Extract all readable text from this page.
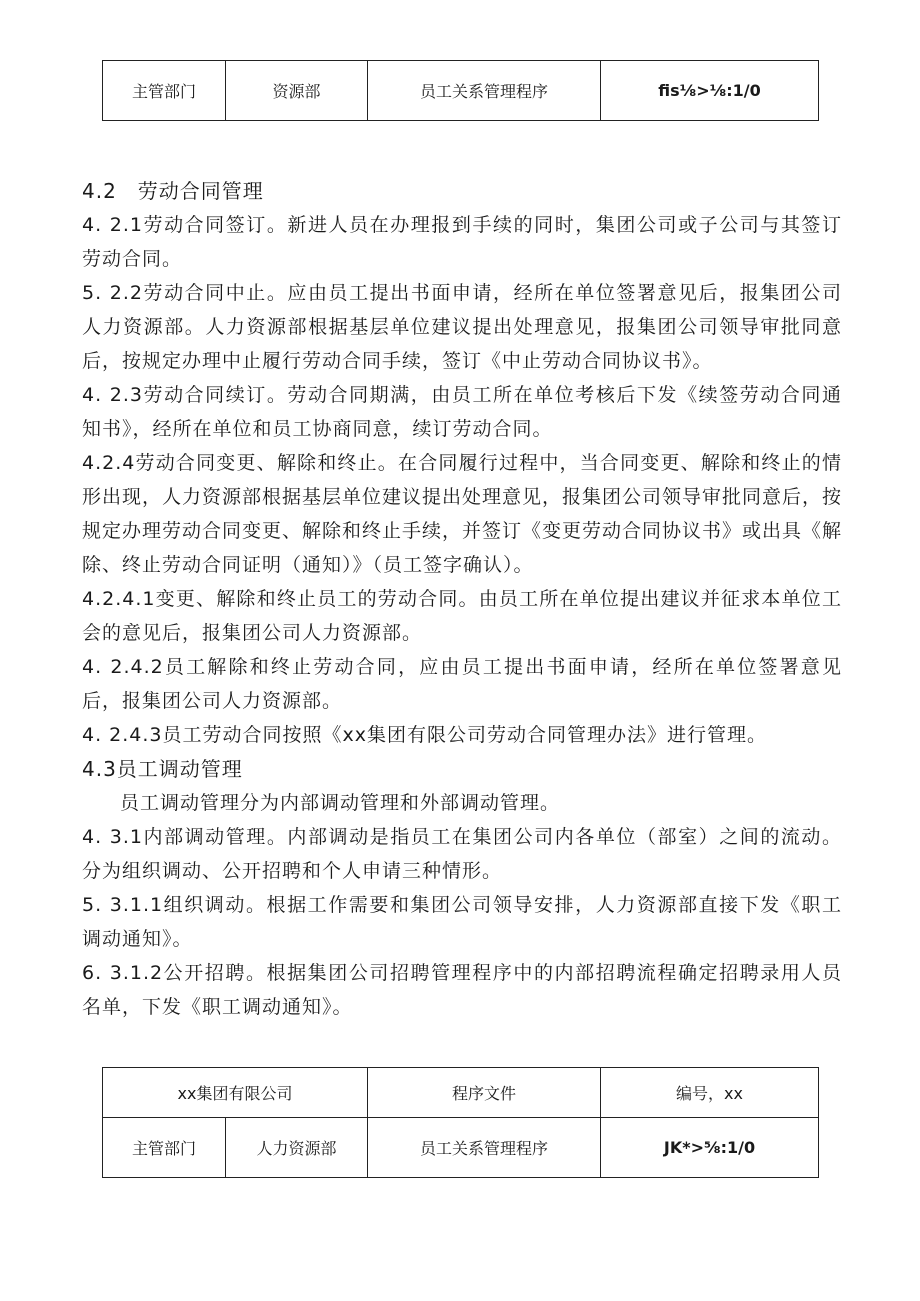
主管部门	资源部	员工关系管理程序	fis⅛>⅛:1/0

4.2　劳动合同管理

4. 2.1劳动合同签订。新进人员在办理报到手续的同时，集团公司或子公司与其签订劳动合同。

5. 2.2劳动合同中止。应由员工提出书面申请，经所在单位签署意见后，报集团公司人力资源部。人力资源部根据基层单位建议提出处理意见，报集团公司领导审批同意后，按规定办理中止履行劳动合同手续，签订《中止劳动合同协议书》。

4. 2.3劳动合同续订。劳动合同期满，由员工所在单位考核后下发《续签劳动合同通知书》，经所在单位和员工协商同意，续订劳动合同。

4.2.4劳动合同变更、解除和终止。在合同履行过程中，当合同变更、解除和终止的情形出现，人力资源部根据基层单位建议提出处理意见，报集团公司领导审批同意后，按规定办理劳动合同变更、解除和终止手续，并签订《变更劳动合同协议书》或出具《解除、终止劳动合同证明（通知）》（员工签字确认）。

4.2.4.1变更、解除和终止员工的劳动合同。由员工所在单位提出建议并征求本单位工会的意见后，报集团公司人力资源部。

4. 2.4.2员工解除和终止劳动合同，应由员工提出书面申请，经所在单位签署意见后，报集团公司人力资源部。

4. 2.4.3员工劳动合同按照《xx集团有限公司劳动合同管理办法》进行管理。

4.3员工调动管理

员工调动管理分为内部调动管理和外部调动管理。

4. 3.1内部调动管理。内部调动是指员工在集团公司内各单位（部室）之间的流动。分为组织调动、公开招聘和个人申请三种情形。

5. 3.1.1组织调动。根据工作需要和集团公司领导安排，人力资源部直接下发《职工调动通知》。

6. 3.1.2公开招聘。根据集团公司招聘管理程序中的内部招聘流程确定招聘录用人员名单，下发《职工调动通知》。

xx集团有限公司		程序文件	编号，xx
主管部门	人力资源部	员工关系管理程序	JK*>⅝:1/0
